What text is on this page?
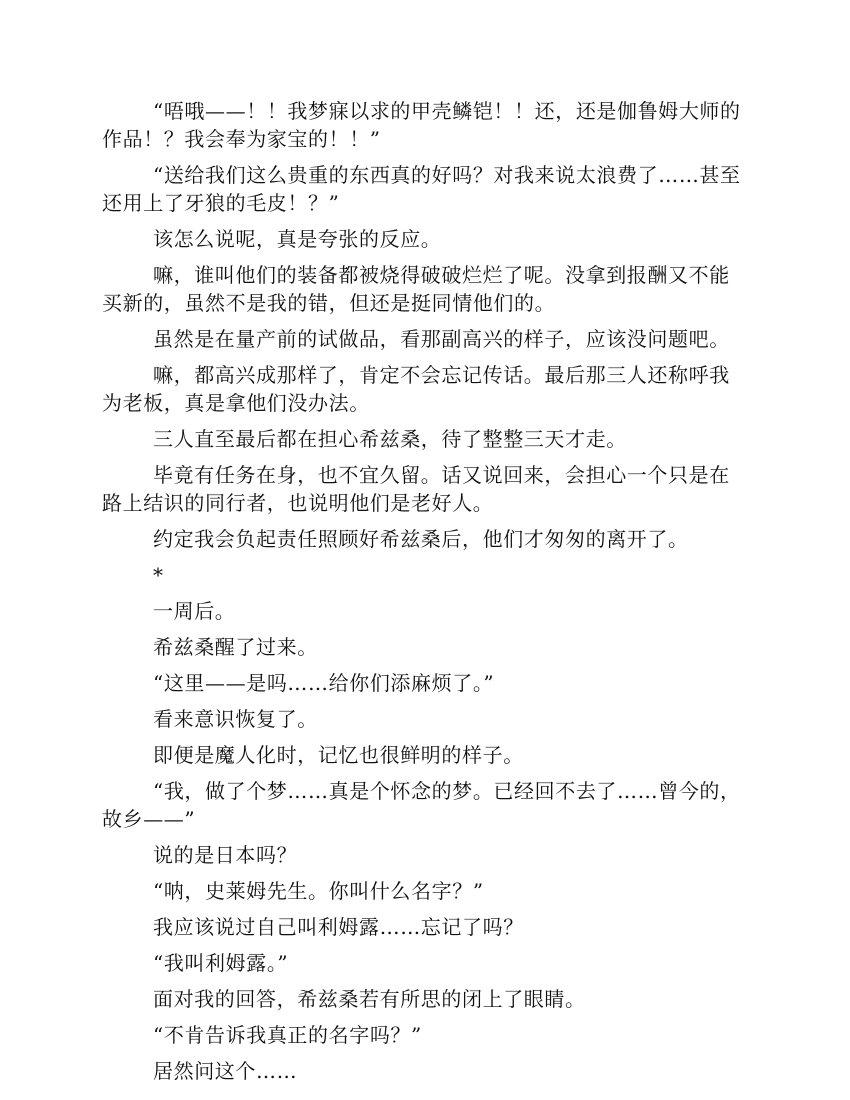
“唔哦——！！我梦寐以求的甲壳鳞铠！！还，还是伽鲁姆大师的作品！？我会奉为家宝的！！”

“送给我们这么贵重的东西真的好吗？对我来说太浪费了……甚至还用上了牙狼的毛皮！？”

该怎么说呢，真是夸张的反应。

嘛，谁叫他们的装备都被烧得破破烂烂了呢。没拿到报酬又不能买新的，虽然不是我的错，但还是挺同情他们的。

虽然是在量产前的试做品，看那副高兴的样子，应该没问题吧。

嘛，都高兴成那样了，肯定不会忘记传话。最后那三人还称呼我为老板，真是拿他们没办法。

三人直至最后都在担心希兹桑，待了整整三天才走。

毕竟有任务在身，也不宜久留。话又说回来，会担心一个只是在路上结识的同行者，也说明他们是老好人。

约定我会负起责任照顾好希兹桑后，他们才匆匆的离开了。

*

一周后。

希兹桑醒了过来。

“这里——是吗……给你们添麻烦了。”

看来意识恢复了。

即便是魔人化时，记忆也很鲜明的样子。

“我，做了个梦……真是个怀念的梦。已经回不去了……曾今的，故乡——”

说的是日本吗？

“呐，史莱姆先生。你叫什么名字？”

我应该说过自己叫利姆露……忘记了吗？

“我叫利姆露。”

面对我的回答，希兹桑若有所思的闭上了眼睛。

“不肯告诉我真正的名字吗？”

居然问这个……
